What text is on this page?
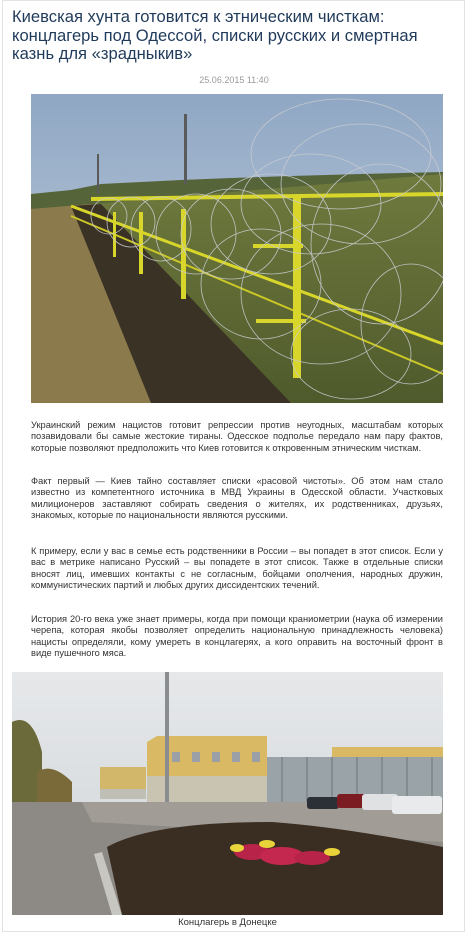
Киевская хунта готовится к этническим чисткам: концлагерь под Одессой, списки русских и смертная казнь для «зрадныкив»
25.06.2015 11:40

Украинский режим нацистов готовит репрессии против неугодных, масштабам которых позавидовали бы самые жестокие тираны. Одесское подполье передало нам пару фактов, которые позволяют предположить что Киев готовится к откровенным этническим чисткам.

Факт первый — Киев тайно составляет списки «расовой чистоты». Об этом нам стало известно из компетентного источника в МВД Украины в Одесской области. Участковых милиционеров заставляют собирать сведения о жителях, их родственниках, друзьях, знакомых, которые по национальности являются русскими.

К примеру, если у вас в семье есть родственники в России – вы попадет в этот список. Если у вас в метрике написано Русский – вы попадете в этот список. Также в отдельные списки вносят лиц, имевших контакты с не согласным, бойцами ополчения, народных дружин, коммунистических партий и любых других диссидентских течений.

История 20-го века уже знает примеры, когда при помощи краниометрии (наука об измерении черепа, которая якобы позволяет определить национальную принадлежность человека) нацисты определяли, кому умереть в концлагерях, а кого оправить на восточный фронт в виде пушечного мяса.

Концлагерь в Донецке
